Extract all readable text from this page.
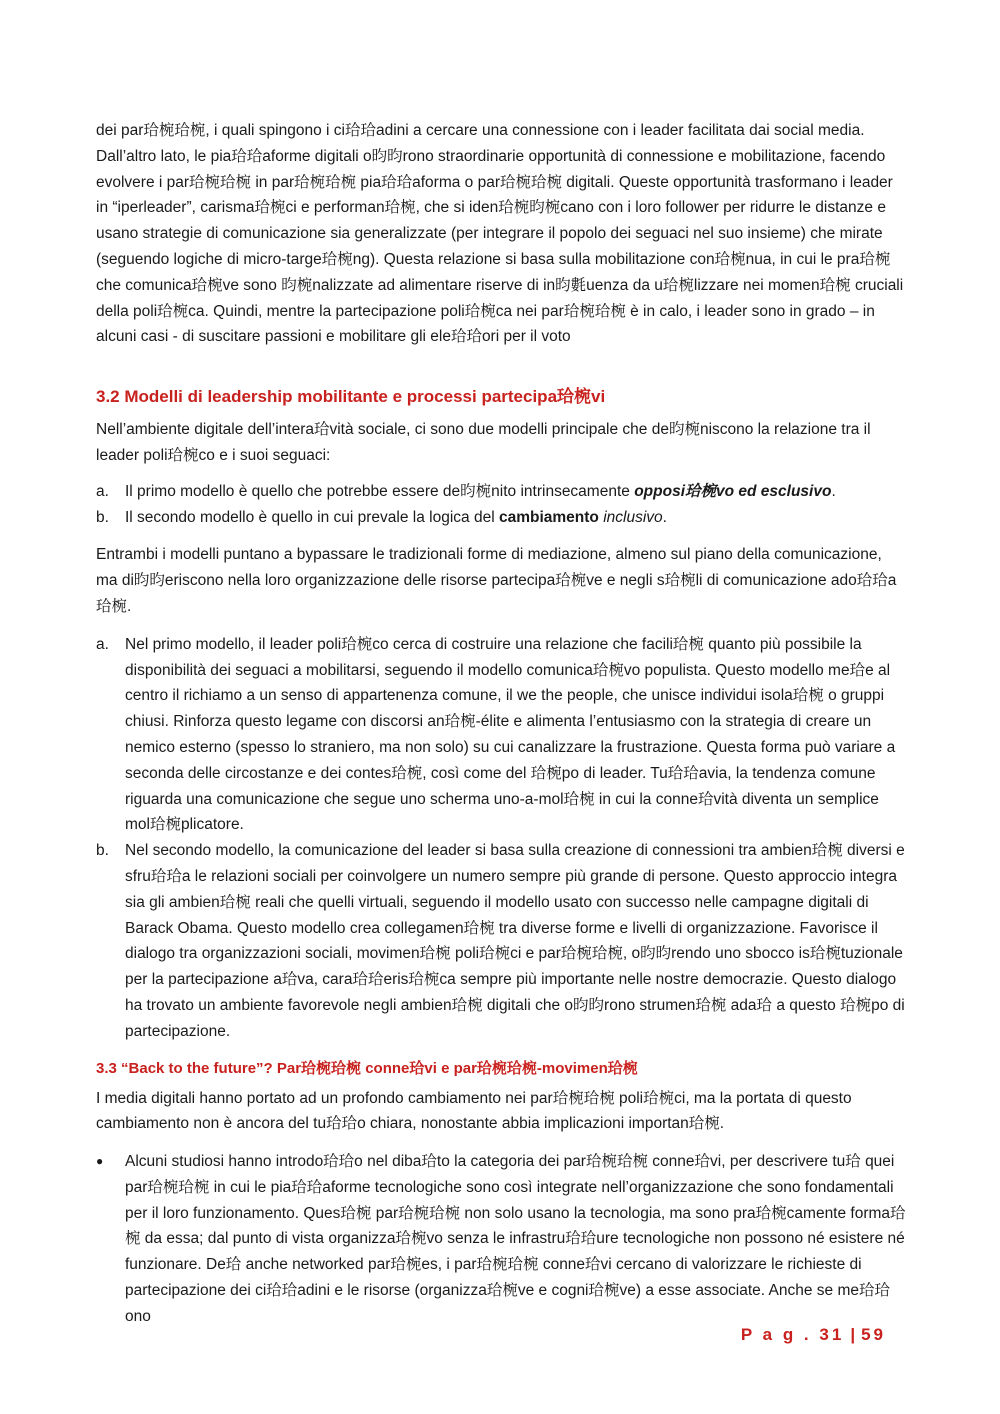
dei par珨椀珨椀, i quali spingono i ci珨珨adini a cercare una connessione con i leader facilitata dai social media. Dall’altro lato, le pia珨珨aforme digitali o昀昀rono straordinarie opportunità di connessione e mobilitazione, facendo evolvere i par珨椀珨椀 in par珨椀珨椀 pia珨珨aforma o par珨椀珨椀 digitali. Queste opportunità trasformano i leader in “iperleader”, carisma珨椀ci e performan珨椀, che si iden珨椀昀椀cano con i loro follower per ridurre le distanze e usano strategie di comunicazione sia generalizzate (per integrare il popolo dei seguaci nel suo insieme) che mirate (seguendo logiche di micro-targe珨椀ng). Questa relazione si basa sulla mobilitazione con珨椀nua, in cui le pra珨椀che comunica珨椀ve sono 昀椀nalizzate ad alimentare riserve di in昀氀uenza da u珨椀lizzare nei momen珨椀 cruciali della poli珨椀ca. Quindi, mentre la partecipazione poli珨椀ca nei par珨椀珨椀 è in calo, i leader sono in grado – in alcuni casi - di suscitare passioni e mobilitare gli ele珨珨ori per il voto

3.2 Modelli di leadership mobilitante e processi partecipa珨椀vi

Nell’ambiente digitale dell’intera珨vità sociale, ci sono due modelli principale che de昀椀niscono la relazione tra il leader poli珨椀co e i suoi seguaci:

a. Il primo modello è quello che potrebbe essere de昀椀nito intrinsecamente opposi珨椀vo ed esclusivo.
b. Il secondo modello è quello in cui prevale la logica del cambiamento inclusivo.

Entrambi i modelli puntano a bypassare le tradizionali forme di mediazione, almeno sul piano della comunicazione, ma di昀昀eriscono nella loro organizzazione delle risorse partecipa珨椀ve e negli s珨椀li di comunicazione ado珨珨a珨椀.

a. Nel primo modello, il leader poli珨椀co cerca di costruire una relazione che facili珨椀 quanto più possibile la disponibilità dei seguaci a mobilitarsi, seguendo il modello comunica珨椀vo populista. Questo modello me珨e al centro il richiamo a un senso di appartenenza comune, il we the people, che unisce individui isola珨椀 o gruppi chiusi. Rinforza questo legame con discorsi an珨椀-élite e alimenta l’entusiasmo con la strategia di creare un nemico esterno (spesso lo straniero, ma non solo) su cui canalizzare la frustrazione. Questa forma può variare a seconda delle circostanze e dei contes珨椀, così come del 珨椀po di leader. Tu珨珨avia, la tendenza comune riguarda una comunicazione che segue uno scherma uno-a-mol珨椀 in cui la conne珨vità diventa un semplice mol珨椀plicatore.
b. Nel secondo modello, la comunicazione del leader si basa sulla creazione di connessioni tra ambien珨椀 diversi e sfru珨珨a le relazioni sociali per coinvolgere un numero sempre più grande di persone. Questo approccio integra sia gli ambien珨椀 reali che quelli virtuali, seguendo il modello usato con successo nelle campagne digitali di Barack Obama. Questo modello crea collegamen珨椀 tra diverse forme e livelli di organizzazione. Favorisce il dialogo tra organizzazioni sociali, movimen珨椀 poli珨椀ci e par珨椀珨椀, o昀昀rendo uno sbocco is珨椀tuzionale per la partecipazione a珨va, cara珨珨eris珨椀ca sempre più importante nelle nostre democrazie. Questo dialogo ha trovato un ambiente favorevole negli ambien珨椀 digitali che o昀昀rono strumen珨椀 ada珨 a questo 珨椀po di partecipazione.
3.3 “Back to the future”? Par珨椀珨椀 conne珨vi e par珨椀珨椀-movimen珨椀

I media digitali hanno portato ad un profondo cambiamento nei par珨椀珨椀 poli珨椀ci, ma la portata di questo cambiamento non è ancora del tu珨珨o chiara, nonostante abbia implicazioni importan珨椀.

● Alcuni studiosi hanno introdo珨珨o nel diba珨to la categoria dei par珨椀珨椀 conne珨vi, per descrivere tu珨 quei par珨椀珨椀 in cui le pia珨珨aforme tecnologiche sono così integrate nell’organizzazione che sono fondamentali per il loro funzionamento. Ques珨椀 par珨椀珨椀 non solo usano la tecnologia, ma sono pra珨椀camente forma珨椀 da essa; dal punto di vista organizza珨椀vo senza le infrastru珨珨ure tecnologiche non possono né esistere né funzionare. De珨 anche networked par珨椀es, i par珨椀珨椀 conne珨vi cercano di valorizzare le richieste di partecipazione dei ci珨珨adini e le risorse (organizza珨椀ve e cogni珨椀ve) a esse associate. Anche se me珨珨ono
P a g . 31 | 59
